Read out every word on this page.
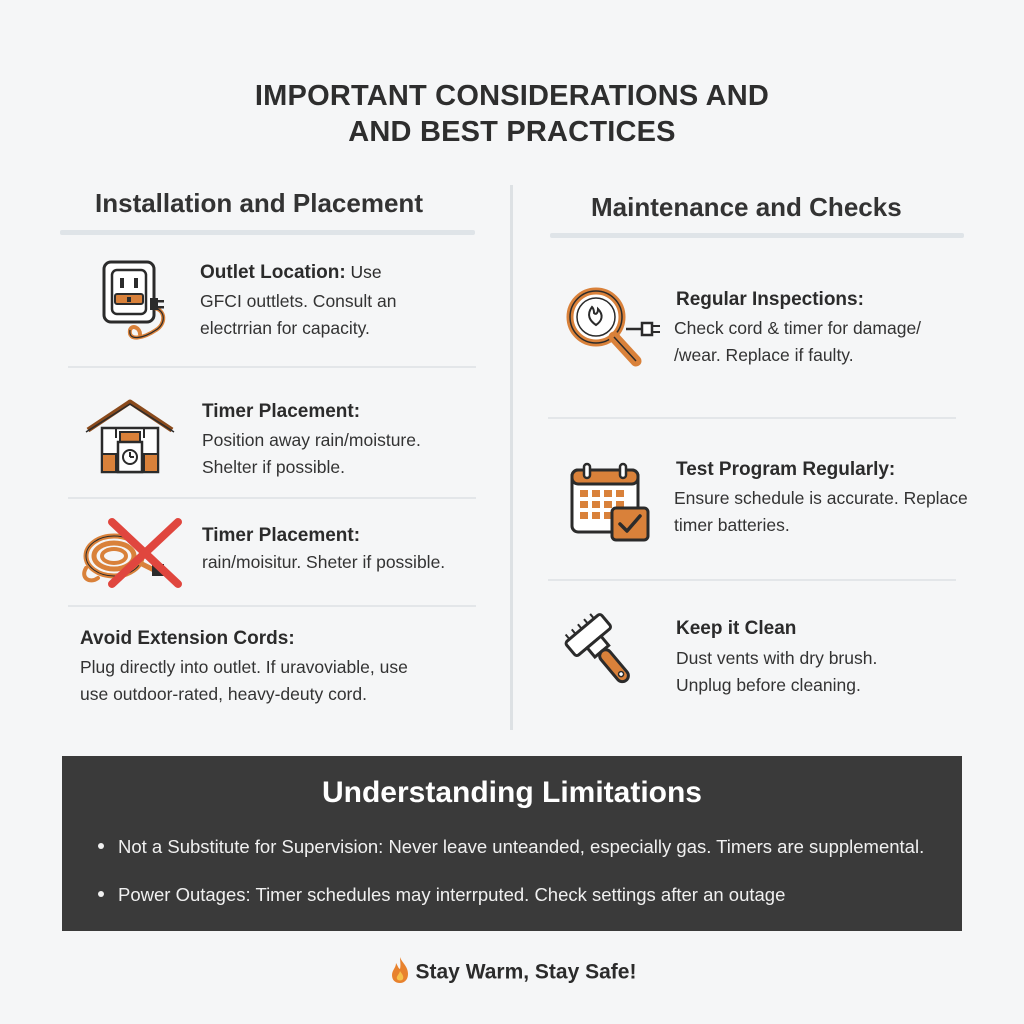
IMPORTANT CONSIDERATIONS AND
AND BEST PRACTICES
Installation and Placement	Maintenance and Checks
Outlet Location: Use
GFCI outtlets. Consult an
electrrian for capacity.
Timer Placement:
Position away rain/moisture.
Shelter if possible.
Timer Placement:
rain/moisitur. Sheter if possible.
Avoid Extension Cords:
Plug directly into outlet. If uravoviable, use
use outdoor-rated, heavy-deuty cord.
Regular Inspections:
Check cord & timer for damage/
/wear. Replace if faulty.
Test Program Regularly:
Ensure schedule is accurate. Replace
timer batteries.
Keep it Clean
Dust vents with dry brush.
Unplug before cleaning.
Understanding Limitations
Not a Substitute for Supervision: Never leave unteanded, especially gas. Timers are supplemental.
Power Outages: Timer schedules may interrputed. Check settings after an outage
Stay Warm, Stay Safe!
